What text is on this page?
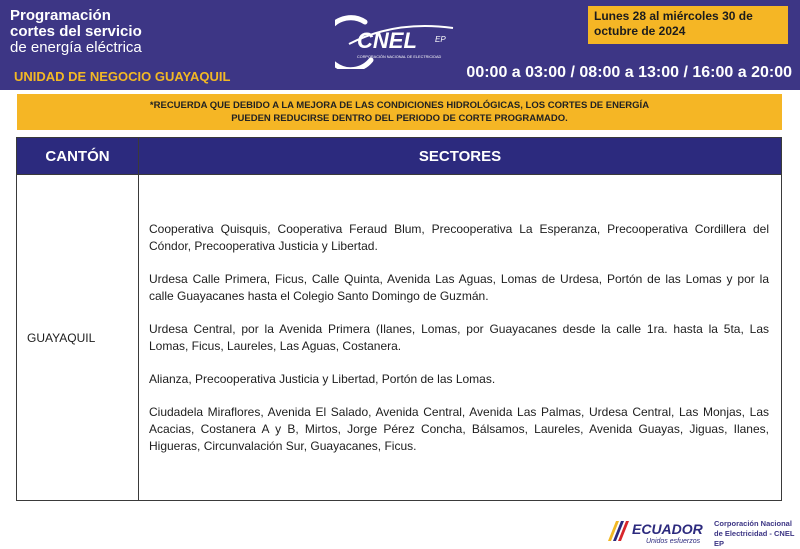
Programación
cortes del servicio
de energía eléctrica
UNIDAD DE NEGOCIO GUAYAQUIL
CNEL EP
CORPORACIÓN NACIONAL DE ELECTRICIDAD
Lunes 28 al miércoles 30 de
octubre de 2024
00:00 a 03:00 / 08:00 a 13:00 / 16:00 a 20:00
*RECUERDA QUE DEBIDO A LA MEJORA DE LAS CONDICIONES HIDROLÓGICAS, LOS CORTES DE ENERGÍA
PUEDEN REDUCIRSE DENTRO DEL PERIODO DE CORTE PROGRAMADO.
CANTÓN	SECTORES
GUAYAQUIL	Cooperativa Quisquis, Cooperativa Feraud Blum, Precooperativa La Esperanza, Precooperativa Cordillera del Cóndor, Precooperativa Justicia y Libertad.

Urdesa Calle Primera, Ficus, Calle Quinta, Avenida Las Aguas, Lomas de Urdesa, Portón de las Lomas y por la calle Guayacanes hasta el Colegio Santo Domingo de Guzmán.

Urdesa Central, por la Avenida Primera (Ilanes, Lomas, por Guayacanes desde la calle 1ra. hasta la 5ta, Las Lomas, Ficus, Laureles, Las Aguas, Costanera.

Alianza, Precooperativa Justicia y Libertad, Portón de las Lomas.

Ciudadela Miraflores, Avenida El Salado, Avenida Central, Avenida Las Palmas, Urdesa Central, Las Monjas, Las Acacias, Costanera A y B, Mirtos, Jorge Pérez Concha, Bálsamos, Laureles, Avenida Guayas, Jiguas, Ilanes, Higueras, Circunvalación Sur, Guayacanes, Ficus.

ECUADOR
Unidos esfuerzos
Corporación Nacional
de Electricidad - CNEL EP
